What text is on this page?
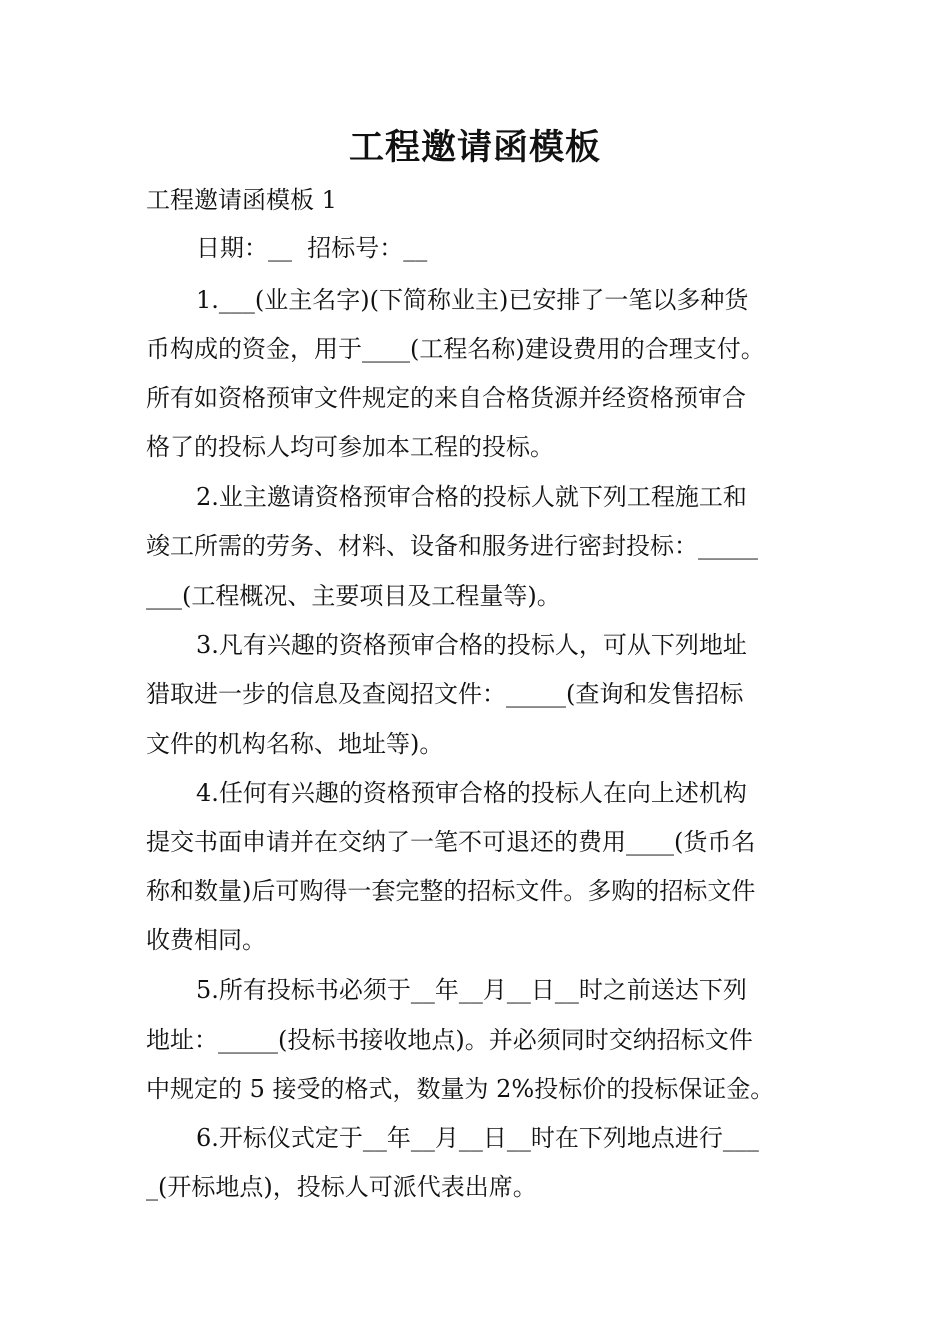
工程邀请函模板
工程邀请函模板 1
日期：__  招标号：__
1.___(业主名字)(下简称业主)已安排了一笔以多种货
币构成的资金，用于____(工程名称)建设费用的合理支付。
所有如资格预审文件规定的来自合格货源并经资格预审合
格了的投标人均可参加本工程的投标。
2.业主邀请资格预审合格的投标人就下列工程施工和
竣工所需的劳务、材料、设备和服务进行密封投标：_____
___(工程概况、主要项目及工程量等)。
3.凡有兴趣的资格预审合格的投标人，可从下列地址
猎取进一步的信息及查阅招文件：_____(查询和发售招标
文件的机构名称、地址等)。
4.任何有兴趣的资格预审合格的投标人在向上述机构
提交书面申请并在交纳了一笔不可退还的费用____(货币名
称和数量)后可购得一套完整的招标文件。多购的招标文件
收费相同。
5.所有投标书必须于__年__月__日__时之前送达下列
地址：_____(投标书接收地点)。并必须同时交纳招标文件
中规定的 5 接受的格式，数量为 2%投标价的投标保证金。
6.开标仪式定于__年__月__日__时在下列地点进行___
_(开标地点)，投标人可派代表出席。
